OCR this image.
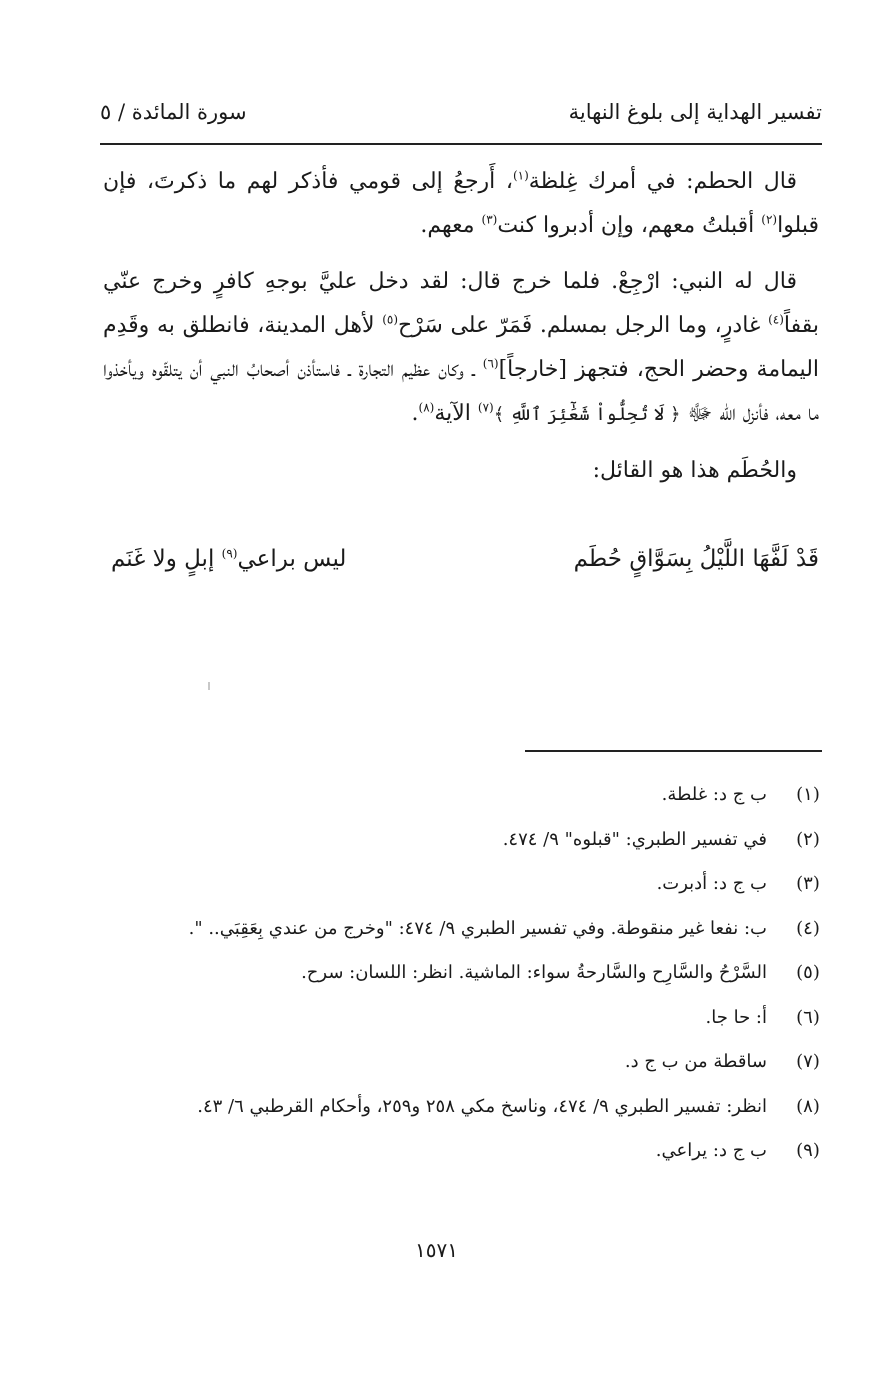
تفسير الهداية إلى بلوغ النهاية
سورة المائدة / ٥

قال الحطم: في أمرك غِلظة$^{(١)}$، أَرجعُ إلى قومي فأذكر لهم ما ذكرتَ، فإن قبلوا$^{(٢)}$ أقبلتُ معهم، وإن أدبروا كنت$^{(٣)}$ معهم.

قال له النبي: ارْجِعْ. فلما خرج قال: لقد دخل عليَّ بوجهِ كافرٍ وخرج عنّي بقفاً$^{(٤)}$ غادرٍ، وما الرجل بمسلم. فَمَرّ على سَرْح$^{(٥)}$ لأهل المدينة، فانطلق به وقَدِم اليمامة وحضر الحج، فتجهز [خارجاً]$^{(٦)}$ ـ وكان عظيم التجارة ـ فاستأذن أصحابُ النبي أن يتلقّوه ويأخذوا ما معه، فأنزل الله ﷻ ﴿ لَا تُحِلُّواْ شَعَٰٓئِرَ ٱللَّهِ ﴾$^{(٧)}$ الآية$^{(٨)}$.

والحُطَم هذا هو القائل:

قَدْ لَفَّهَا اللَّيْلُ بِسَوَّاقٍ حُطَم
ليس براعي$^{(٩)}$ إبلٍ ولا غَنَم
(١)
ب ج د: غلطة.
(٢)
في تفسير الطبري: "قبلوه" ٩/ ٤٧٤.
(٣)
ب ج د: أدبرت.
(٤)
ب: نفعا غير منقوطة. وفي تفسير الطبري ٩/ ٤٧٤: "وخرج من عندي بِعَقِبَي.. ".
(٥)
السَّرْحُ والسَّارِح والسَّارحةُ سواء: الماشية. انظر: اللسان: سرح.
(٦)
أ: حا جا.
(٧)
ساقطة من ب ج د.
(٨)
انظر: تفسير الطبري ٩/ ٤٧٤، وناسخ مكي ٢٥٨ و٢٥٩، وأحكام القرطبي ٦/ ٤٣.
(٩)
ب ج د: يراعي.
١٥٧١
